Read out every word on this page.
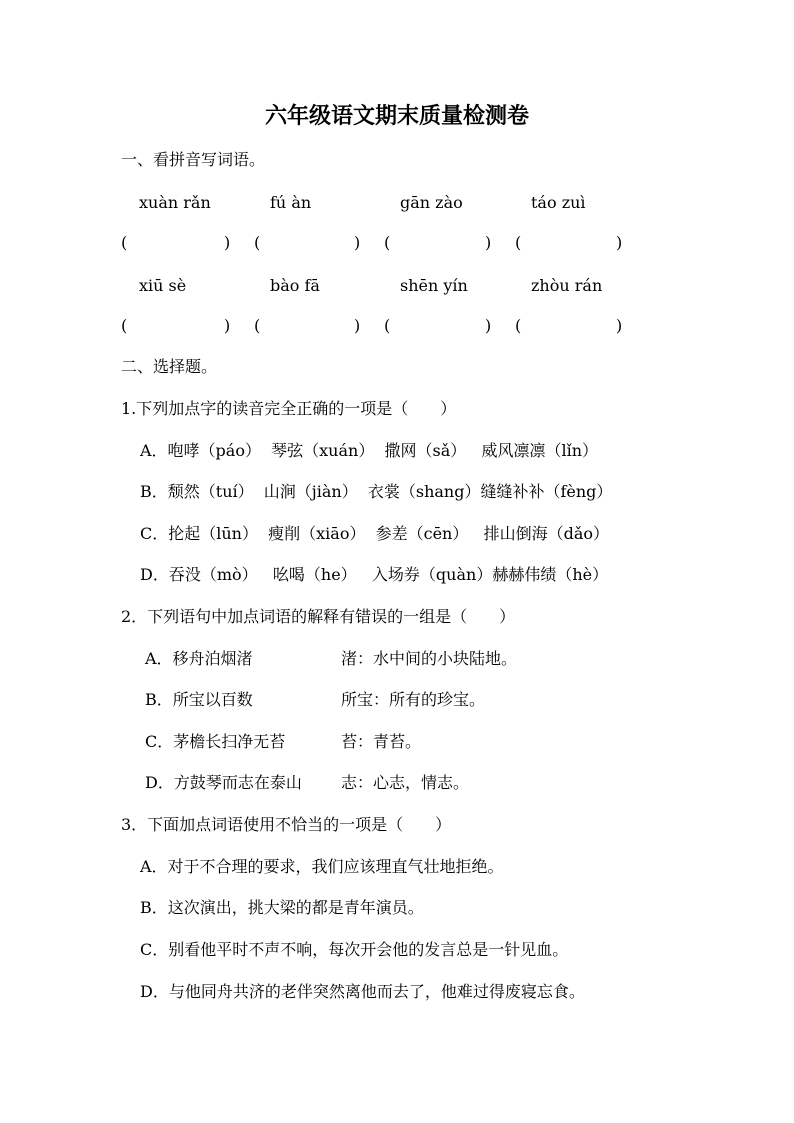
六年级语文期末质量检测卷
一、看拼音写词语。
xuàn rǎn	fú àn	gān zào	táo zuì
(	) (	) (	) (	)
xiū sè	bào fā	shēn yín	zhòu rán
(	) (	) (	) (	)
二、选择题。
1.下列加点字的读音完全正确的一项是（　　）
A．咆哮（páo）  琴弦（xuán）  撒网（sǎ）   威风凛凛（lǐn）
B．颓然（tuí）  山涧（jiàn）  衣裳（shang）缝缝补补（fèng）
C．抡起（lūn）  瘦削（xiāo）  参差（cēn）   排山倒海（dǎo）
D．吞没（mò）   吆喝（he）   入场券（quàn）赫赫伟绩（hè）
2．下列语句中加点词语的解释有错误的一组是（　　）
A．移舟泊烟渚	渚：水中间的小块陆地。
B．所宝以百数	所宝：所有的珍宝。
C．茅檐长扫净无苔	苔：青苔。
D．方鼓琴而志在泰山 志：心志，情志。
3．下面加点词语使用不恰当的一项是（　　）
A．对于不合理的要求，我们应该理直气壮地拒绝。
B．这次演出，挑大梁的都是青年演员。
C．别看他平时不声不响，每次开会他的发言总是一针见血。
D．与他同舟共济的老伴突然离他而去了，他难过得废寝忘食。
